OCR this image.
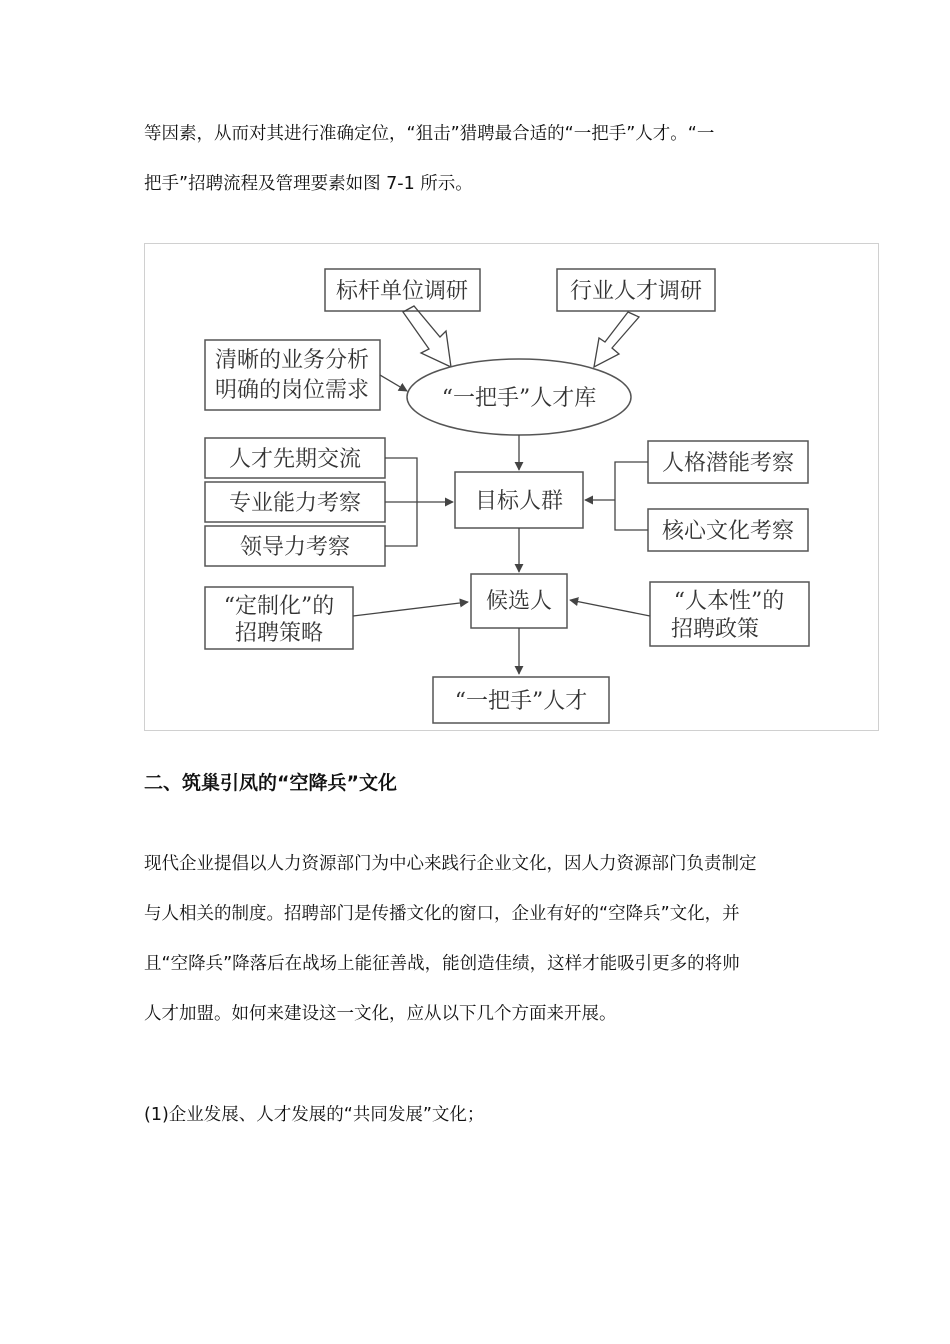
等因素，从而对其进行准确定位，“狙击”猎聘最合适的“一把手”人才。“一
把手”招聘流程及管理要素如图 7-1 所示。

标杆单位调研	行业人才调研
清晰的业务分析
明确的岗位需求	“一把手”人才库
人才先期交流
专业能力考察
领导力考察
目标人群
人格潜能考察
核心文化考察
“定制化”的
招聘策略
候选人	“人本性”的
招聘政策
“一把手”人才
二、筑巢引凤的“空降兵”文化

现代企业提倡以人力资源部门为中心来践行企业文化，因人力资源部门负责制定
与人相关的制度。招聘部门是传播文化的窗口，企业有好的“空降兵”文化，并
且“空降兵”降落后在战场上能征善战，能创造佳绩，这样才能吸引更多的将帅
人才加盟。如何来建设这一文化，应从以下几个方面来开展。

(1)企业发展、人才发展的“共同发展”文化；
